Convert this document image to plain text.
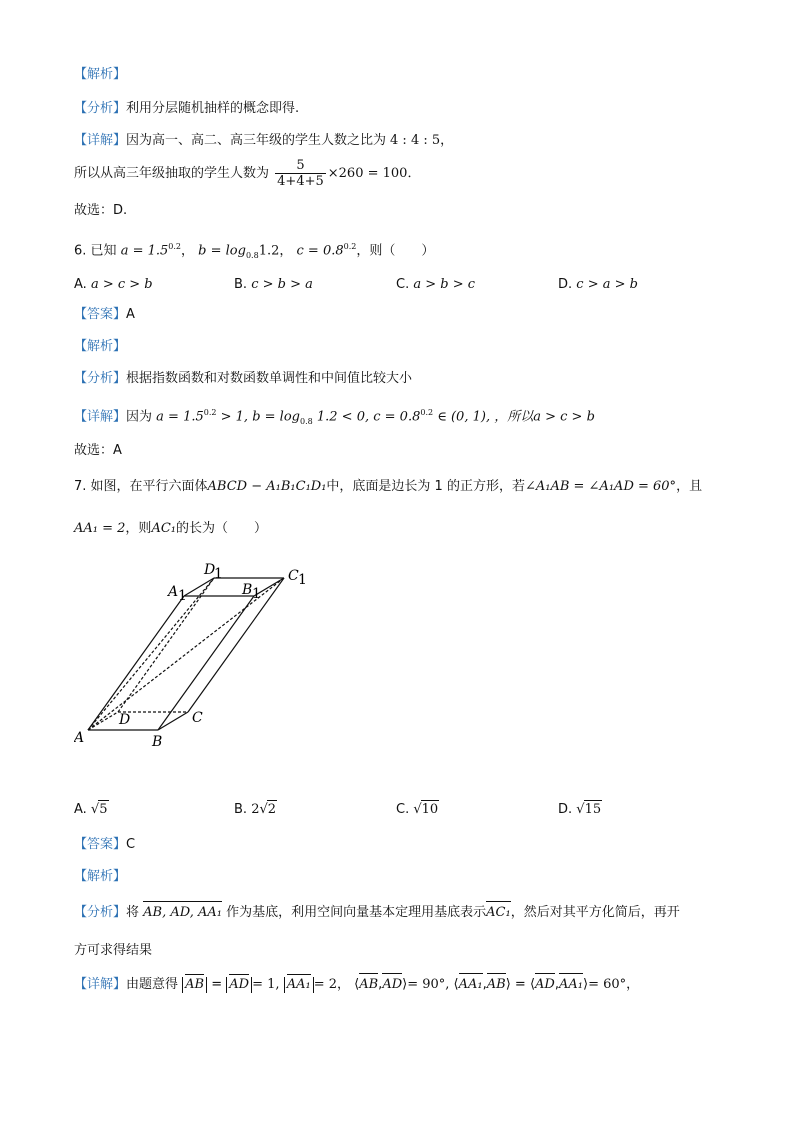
【解析】
【分析】利用分层随机抽样的概念即得.
【详解】因为高一、高二、高三年级的学生人数之比为 4 : 4 : 5，
所以从高三年级抽取的学生人数为 $\frac{5}{4+4+5} \times 260 = 100$．
故选：D.
6. 已知 $a = 1.5^{0.2}$， $b = \log_{0.8}1.2$， $c = 0.8^{0.2}$，则（　　）
A. a > c > b	B. c > b > a	C. a > b > c	D. c > a > b
【答案】A
【解析】
【分析】根据指数函数和对数函数单调性和中间值比较大小
【详解】因为 $a = 1.5^{0.2} > 1$, $b = \log_{0.8} 1.2 < 0$, $c = 0.8^{0.2}$ ∈ (0, 1), ，所以a > c > b
故选：A
7. 如图，在平行六面体ABCD − A₁B₁C₁D₁中，底面是边长为 1 的正方形，若∠A₁AB = ∠A₁AD = 60°，且
AA₁ = 2，则AC₁的长为（　　）
A	B
C
D
A 1	B 1
C 1
D
1
A. √5	B. 2√2	C. √10	D. √15
【答案】C
【解析】
【分析】将 AB, AD, AA₁ 作为基底，利用空间向量基本定理用基底表示AC₁，然后对其平方化简后，再开
方可求得结果
【详解】由题意得 AB = AD = 1, AA₁ = 2， ⟨AB,AD⟩= 90°, ⟨AA₁,AB⟩ = ⟨AD,AA₁⟩= 60°，
